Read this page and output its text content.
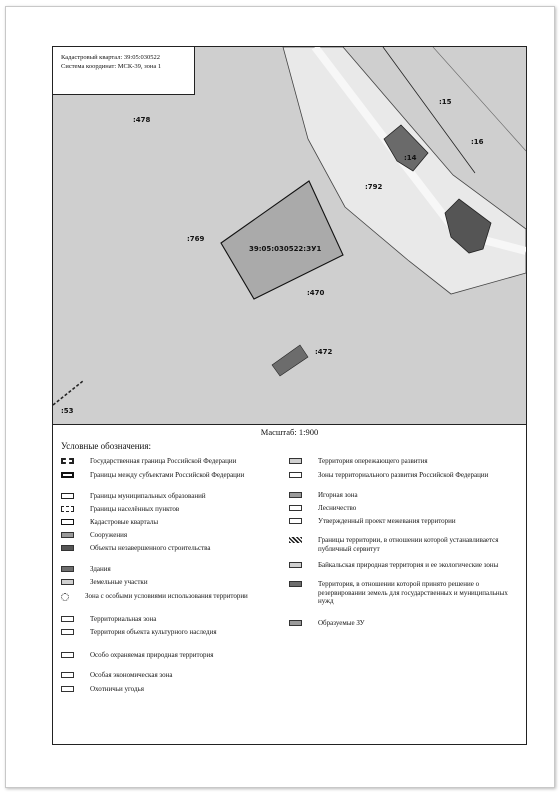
Кадастровый квартал: 39:05:030522
Система координат: МСК-39, зона 1
:478
:15
:16
:14
:792
:769
39:05:030522:ЗУ1
:470
:472
:53
Масштаб: 1:900
Условные обозначения:
Государственная граница Российской Федерации
Границы между субъектами Российской Федерации
Границы муниципальных образований
Границы населённых пунктов
Кадастровые кварталы
Сооружения
Объекты незавершенного строительства
Здания
Земельные участки
Зона с особыми условиями использования территории
Территориальная зона
Территория объекта культурного наследия
Особо охраняемая природная территория
Особая экономическая зона
Охотничьи угодья
Территория опережающего развития
Зоны территориального развития Российской Федерации
Игорная зона
Лесничество
Утвержденный проект межевания территории
Границы территории, в отношении которой устанавливается публичный сервитут
Байкальская природная территория и ее экологические зоны
Территория, в отношении которой принято решение о резервировании земель для государственных и муниципальных нужд
Образуемые ЗУ
